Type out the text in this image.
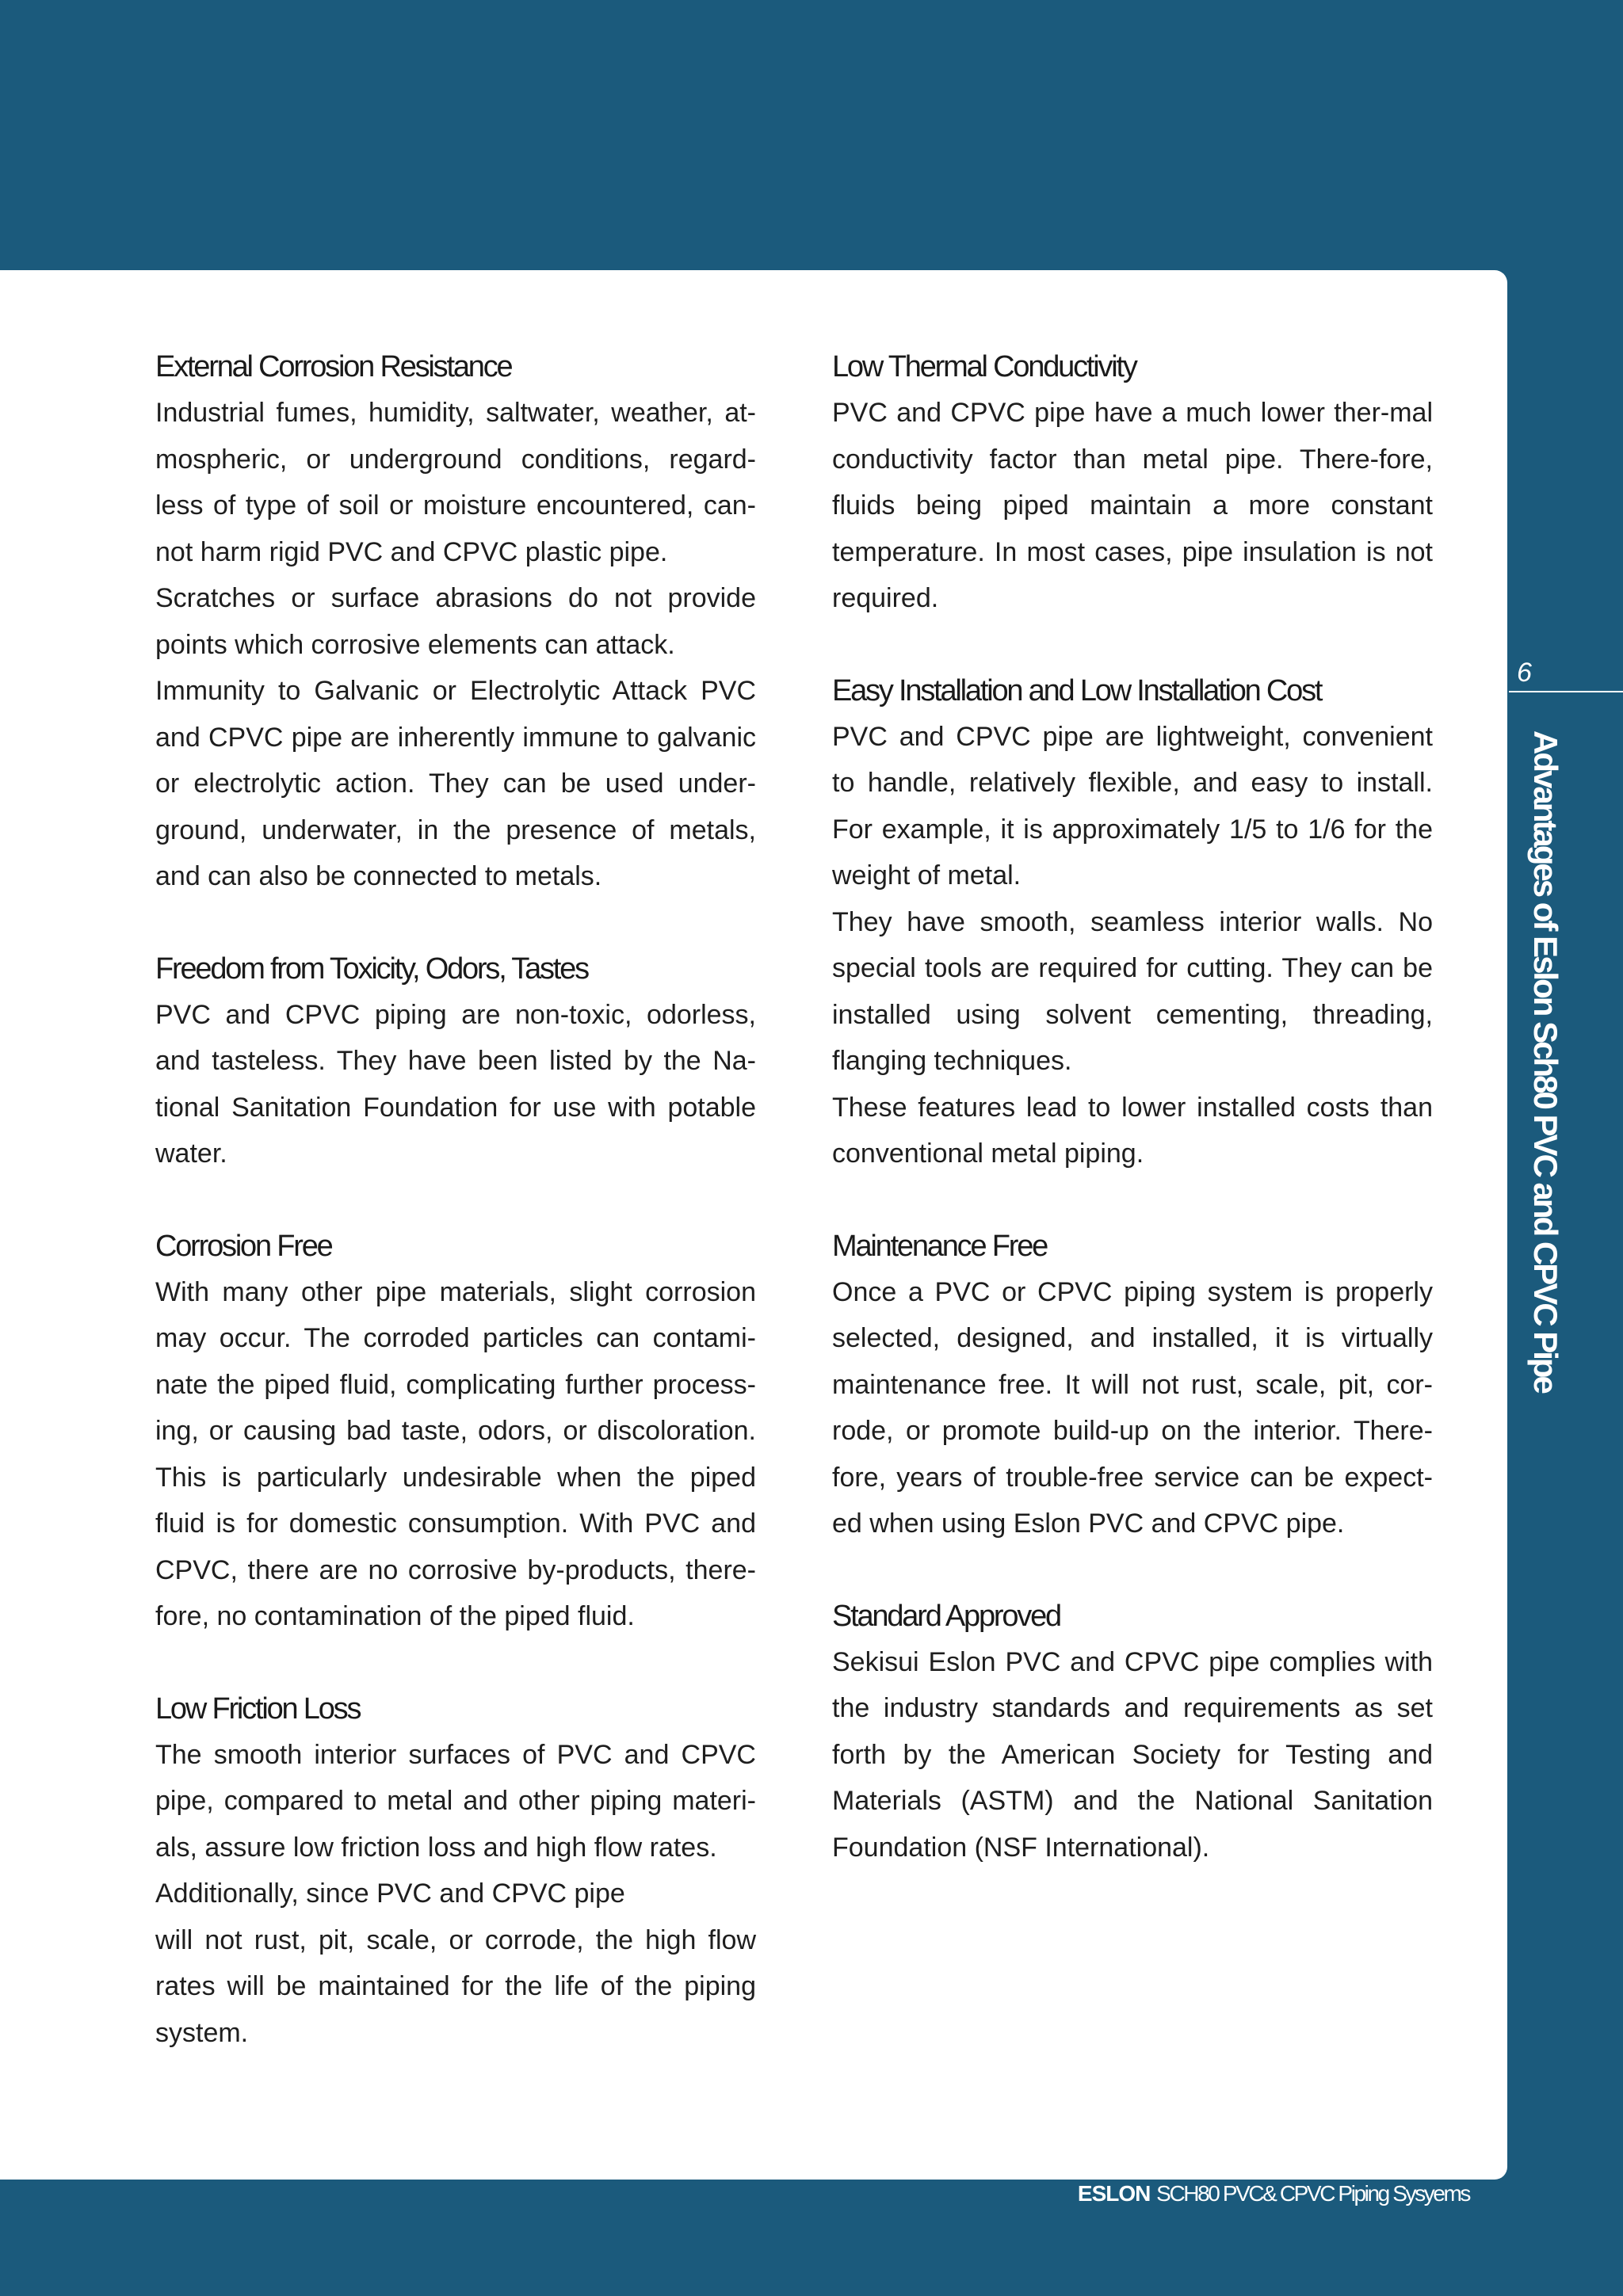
External Corrosion Resistance

Industrial fumes, humidity, saltwater, weather, at-mospheric, or underground conditions, regard-less of type of soil or moisture encountered, can-not harm rigid PVC and CPVC plastic pipe.

Scratches or surface abrasions do not provide points which corrosive elements can attack.

Immunity to Galvanic or Electrolytic Attack PVC and CPVC pipe are inherently immune to galvanic or electrolytic action. They can be used under-ground, underwater, in the presence of metals, and can also be connected to metals.

Freedom from Toxicity, Odors, Tastes

PVC and CPVC piping are non-toxic, odorless, and tasteless. They have been listed by the Na-tional Sanitation Foundation for use with potable water.

Corrosion Free

With many other pipe materials, slight corrosion may occur. The corroded particles can contami-nate the piped fluid, complicating further process-ing, or causing bad taste, odors, or discoloration. This is particularly undesirable when the piped fluid is for domestic consumption. With PVC and CPVC, there are no corrosive by-products, there-fore, no contamination of the piped fluid.

Low Friction Loss

The smooth interior surfaces of PVC and CPVC pipe, compared to metal and other piping materi-als, assure low friction loss and high flow rates.

Additionally, since PVC and CPVC pipe

will not rust, pit, scale, or corrode, the high flow rates will be maintained for the life of the piping system.

Low Thermal Conductivity

PVC and CPVC pipe have a much lower ther-mal conductivity factor than metal pipe. There-fore, fluids being piped maintain a more constant temperature. In most cases, pipe insulation is not required.

Easy Installation and Low Installation Cost

PVC and CPVC pipe are lightweight, convenient to handle, relatively flexible, and easy to install. For example, it is approximately 1/5 to 1/6 for the weight of metal.

They have smooth, seamless interior walls. No special tools are required for cutting. They can be installed using solvent cementing, threading, flanging techniques.

These features lead to lower installed costs than conventional metal piping.

Maintenance Free

Once a PVC or CPVC piping system is properly selected, designed, and installed, it is virtually maintenance free. It will not rust, scale, pit, cor-rode, or promote build-up on the interior. There-fore, years of trouble-free service can be expect-ed when using Eslon PVC and CPVC pipe.

Standard Approved

Sekisui Eslon PVC and CPVC pipe complies with the industry standards and requirements as set forth by the American Society for Testing and Materials (ASTM) and the National Sanitation Foundation (NSF International).

6
Advantages of Eslon Sch80 PVC and CPVC Pipe
ESLON SCH80 PVC& CPVC Piping Sysyems
